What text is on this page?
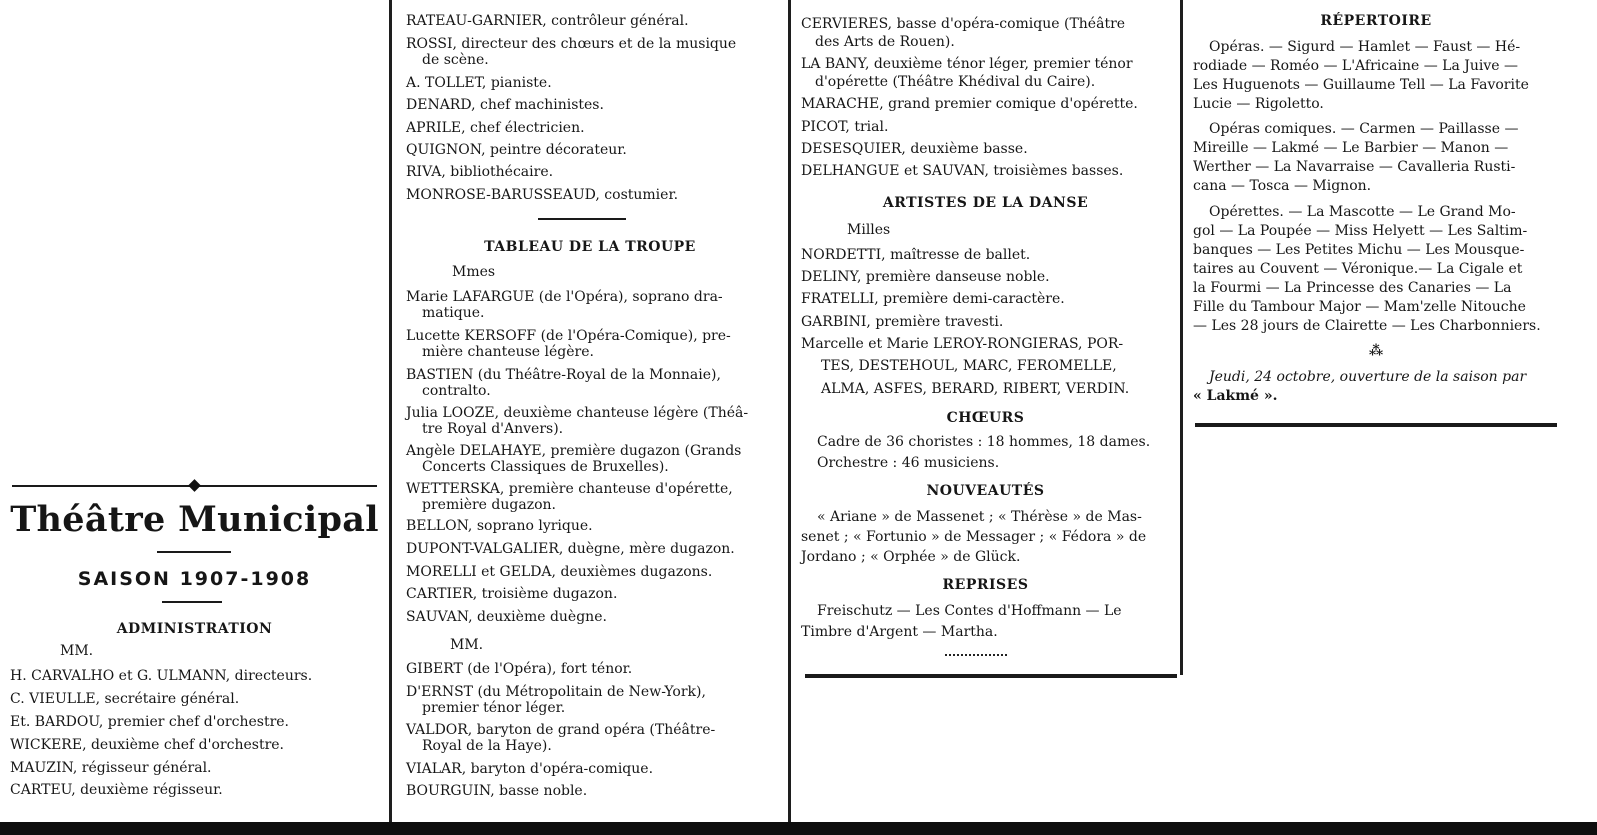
Théâtre Municipal
SAISON 1907-1908
ADMINISTRATION
MM.
H. CARVALHO et G. ULMANN, directeurs.
C. VIEULLE, secrétaire général.
Et. BARDOU, premier chef d'orchestre.
WICKERE, deuxième chef d'orchestre.
MAUZIN, régisseur général.
CARTEU, deuxième régisseur.
RATEAU-GARNIER, contrôleur général.
ROSSI, directeur des chœurs et de la musique
de scène.
A. TOLLET, pianiste.
DENARD, chef machinistes.
APRILE, chef électricien.
QUIGNON, peintre décorateur.
RIVA, bibliothécaire.
MONROSE-BARUSSEAUD, costumier.
TABLEAU DE LA TROUPE
Mmes
Marie LAFARGUE (de l'Opéra), soprano dra-
matique.
Lucette KERSOFF (de l'Opéra-Comique), pre-
mière chanteuse légère.
BASTIEN (du Théâtre-Royal de la Monnaie),
contralto.
Julia LOOZE, deuxième chanteuse légère (Théâ-
tre Royal d'Anvers).
Angèle DELAHAYE, première dugazon (Grands
Concerts Classiques de Bruxelles).
WETTERSKA, première chanteuse d'opérette,
première dugazon.
BELLON, soprano lyrique.
DUPONT-VALGALIER, duègne, mère dugazon.
MORELLI et GELDA, deuxièmes dugazons.
CARTIER, troisième dugazon.
SAUVAN, deuxième duègne.
MM.
GIBERT (de l'Opéra), fort ténor.
D'ERNST (du Métropolitain de New-York),
premier ténor léger.
VALDOR, baryton de grand opéra (Théâtre-
Royal de la Haye).
VIALAR, baryton d'opéra-comique.
BOURGUIN, basse noble.
CERVIERES, basse d'opéra-comique (Théâtre
des Arts de Rouen).
LA BANY, deuxième ténor léger, premier ténor
d'opérette (Théâtre Khédival du Caire).
MARACHE, grand premier comique d'opérette.
PICOT, trial.
DESESQUIER, deuxième basse.
DELHANGUE et SAUVAN, troisièmes basses.
ARTISTES DE LA DANSE
Milles
NORDETTI, maîtresse de ballet.
DELINY, première danseuse noble.
FRATELLI, première demi-caractère.
GARBINI, première travesti.
Marcelle et Marie LEROY-RONGIERAS, POR-
TES, DESTEHOUL, MARC, FEROMELLE,
ALMA, ASFES, BERARD, RIBERT, VERDIN.
CHŒURS
Cadre de 36 choristes : 18 hommes, 18 dames.
Orchestre : 46 musiciens.
NOUVEAUTÉS
« Ariane » de Massenet ; « Thérèse » de Mas-
senet ; « Fortunio » de Messager ; « Fédora » de
Jordano ; « Orphée » de Glück.
REPRISES
Freischutz — Les Contes d'Hoffmann — Le
Timbre d'Argent — Martha.
RÉPERTOIRE
Opéras. — Sigurd — Hamlet — Faust — Hé-
rodiade — Roméo — L'Africaine — La Juive —
Les Huguenots — Guillaume Tell — La Favorite
Lucie — Rigoletto.
Opéras comiques. — Carmen — Paillasse —
Mireille — Lakmé — Le Barbier — Manon —
Werther — La Navarraise — Cavalleria Rusti-
cana — Tosca — Mignon.
Opérettes. — La Mascotte — Le Grand Mo-
gol — La Poupée — Miss Helyett — Les Saltim-
banques — Les Petites Michu — Les Mousque-
taires au Couvent — Véronique.— La Cigale et
la Fourmi — La Princesse des Canaries — La
Fille du Tambour Major — Mam'zelle Nitouche
— Les 28 jours de Clairette — Les Charbonniers.
⁂
Jeudi, 24 octobre, ouverture de la saison par
« Lakmé ».
